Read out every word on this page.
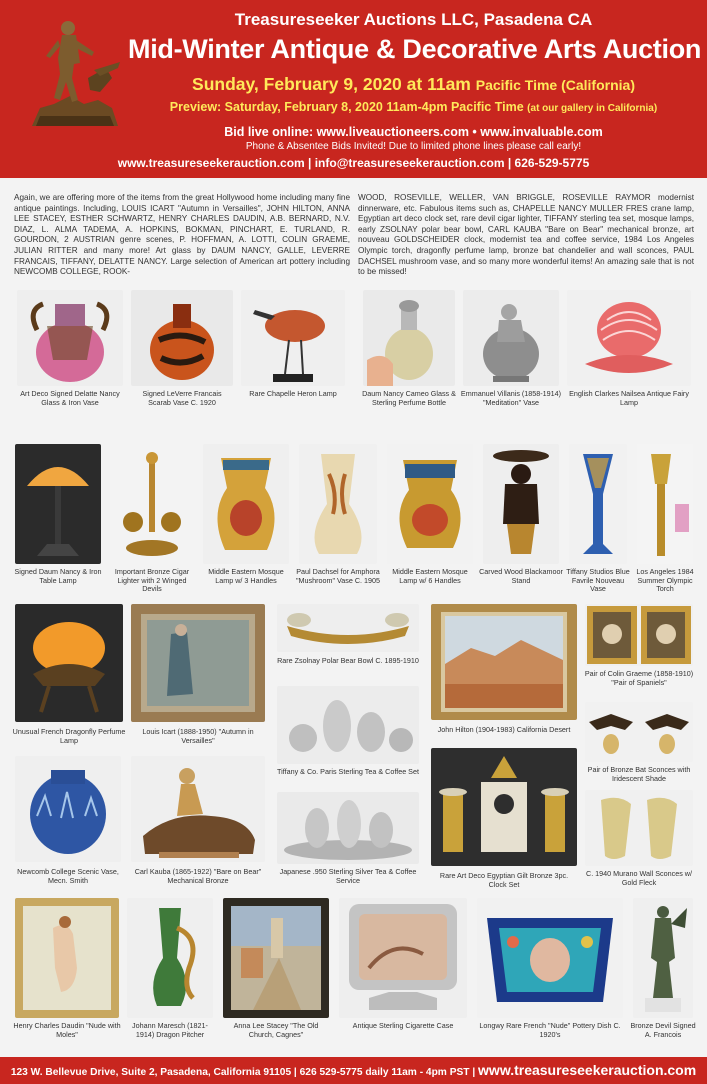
Treasureseeker Auctions LLC, Pasadena CA
Mid-Winter Antique & Decorative Arts Auction
Sunday, February 9, 2020 at 11am Pacific Time (California)
Preview: Saturday, February 8, 2020 11am-4pm Pacific Time (at our gallery in California)
Bid live online: www.liveauctioneers.com • www.invaluable.com
Phone & Absentee Bids Invited! Due to limited phone lines please call early!
www.treasureseekerauction.com | info@treasureseekerauction.com | 626-529-5775
Again, we are offering more of the items from the great Hollywood home including many fine antique paintings. Including, LOUIS ICART "Autumn in Versailles", JOHN HILTON, ANNA LEE STACEY, ESTHER SCHWARTZ, HENRY CHARLES DAUDIN, A.B. BERNARD, N.V. DIAZ, L. ALMA TADEMA, A. HOPKINS, BOKMAN, PINCHART, E. TURLAND, R. GOURDON, 2 AUSTRIAN genre scenes, P. HOFFMAN, A. LOTTI, COLIN GRAEME, JULIAN RITTER and many more! Art glass by DAUM NANCY, GALLE, LEVERRE FRANCAIS, TIFFANY, DELATTE NANCY. Large selection of American art pottery including NEWCOMB COLLEGE, ROOK-
WOOD, ROSEVILLE, WELLER, VAN BRIGGLE, ROSEVILLE RAYMOR modernist dinnerware, etc. Fabulous items such as, CHAPELLE NANCY MULLER FRES crane lamp, Egyptian art deco clock set, rare devil cigar lighter, TIFFANY sterling tea set, mosque lamps, early ZSOLNAY polar bear bowl, CARL KAUBA "Bare on Bear" mechanical bronze, art nouveau GOLDSCHEIDER clock, modernist tea and coffee service, 1984 Los Angeles Olympic torch, dragonfly perfume lamp, bronze bat chandelier and wall sconces, PAUL DACHSEL mushroom vase, and so many more wonderful items! An amazing sale that is not to be missed!
Art Deco Signed Delatte Nancy Glass & Iron Vase
Signed LeVerre Francais Scarab Vase C. 1920
Rare Chapelle Heron Lamp	Daum Nancy Cameo Glass & Sterling Perfume Bottle
Emmanuel Villanis (1858-1914) "Meditation" Vase
English Clarkes Nailsea Antique Fairy Lamp
Signed Daum Nancy & Iron Table Lamp
Important Bronze Cigar Lighter with 2 Winged Devils
Middle Eastern Mosque Lamp w/ 3 Handles
Paul Dachsel for Amphora "Mushroom" Vase C. 1905
Middle Eastern Mosque Lamp w/ 6 Handles
Carved Wood Blackamoor Stand
Tiffany Studios Blue Favrile Nouveau Vase
Los Angeles 1984 Summer Olympic Torch
Unusual French Dragonfly Perfume Lamp
Louis Icart (1888-1950) "Autumn in Versailles"
Rare Zsolnay Polar Bear Bowl C. 1895-1910
John Hilton (1904-1983) California Desert
Pair of Colin Graeme (1858-1910) "Pair of Spaniels"
Tiffany & Co. Paris Sterling Tea & Coffee Set	Pair of Bronze Bat Sconces with Iridescent Shade
Newcomb College Scenic Vase, Mecn. Smith
Carl Kauba (1865-1922) "Bare on Bear" Mechanical Bronze
Japanese .950 Sterling Silver Tea & Coffee Service
Rare Art Deco Egyptian Gilt Bronze 3pc. Clock Set
C. 1940 Murano Wall Sconces w/ Gold Fleck
Henry Charles Daudin "Nude with Moles"
Johann Maresch (1821-1914) Dragon Pitcher
Anna Lee Stacey "The Old Church, Cagnes"
Antique Sterling Cigarette Case	Longwy Rare French "Nude" Pottery Dish C. 1920's
Bronze Devil Signed A. Francois
123 W. Bellevue Drive, Suite 2, Pasadena, California 91105 | 626 529-5775 daily 11am - 4pm PST | www.treasureseekerauction.com
